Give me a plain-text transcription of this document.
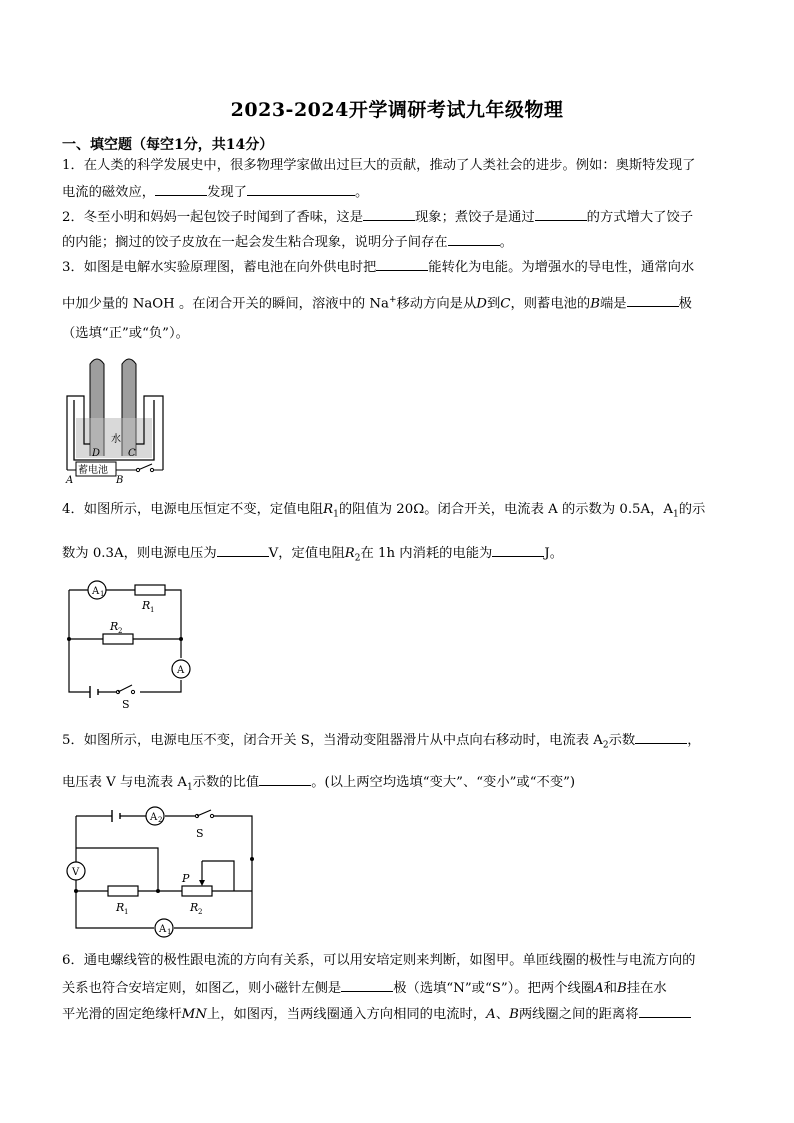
2023-2024开学调研考试九年级物理
一、填空题（每空1分，共14分）
1．在人类的科学发展史中，很多物理学家做出过巨大的贡献，推动了人类社会的进步。例如：奥斯特发现了
电流的磁效应，	发现了	。
2．冬至小明和妈妈一起包饺子时闻到了香味，这是	现象；煮饺子是通过	的方式增大了饺子
的内能；搁过的饺子皮放在一起会发生粘合现象，说明分子间存在	。
3．如图是电解水实验原理图，蓄电池在向外供电时把	能转化为电能。为增强水的导电性，通常向水
中加少量的 NaOH 。在闭合开关的瞬间，溶液中的 Na+移动方向是从D到C，则蓄电池的B端是	极
（选填“正”或“负”）。
水
D	C
蓄电池
A	B
4．如图所示，电源电压恒定不变，定值电阻$R_1$的阻值为 20Ω。闭合开关，电流表 A 的示数为 0.5A，$A_1$的示
数为 0.3A，则电源电压为	V，定值电阻$R_2$在 1h 内消耗的电能为	J。
A 1
R 1
R 2
A
S
5．如图所示，电源电压不变，闭合开关 S，当滑动变阻器滑片从中点向右移动时，电流表 $A_2$示数	，
电压表 V 与电流表 $A_1$示数的比值	。(以上两空均选填“变大”、“变小”或“不变”)
A 2
S
V	P
R 1	R 2
A 1
6．通电螺线管的极性跟电流的方向有关系，可以用安培定则来判断，如图甲。单匝线圈的极性与电流方向的
关系也符合安培定则，如图乙，则小磁针左侧是	极（选填“N”或“S”）。把两个线圈A和B挂在水
平光滑的固定绝缘杆MN上，如图丙，当两线圈通入方向相同的电流时，A、B两线圈之间的距离将
